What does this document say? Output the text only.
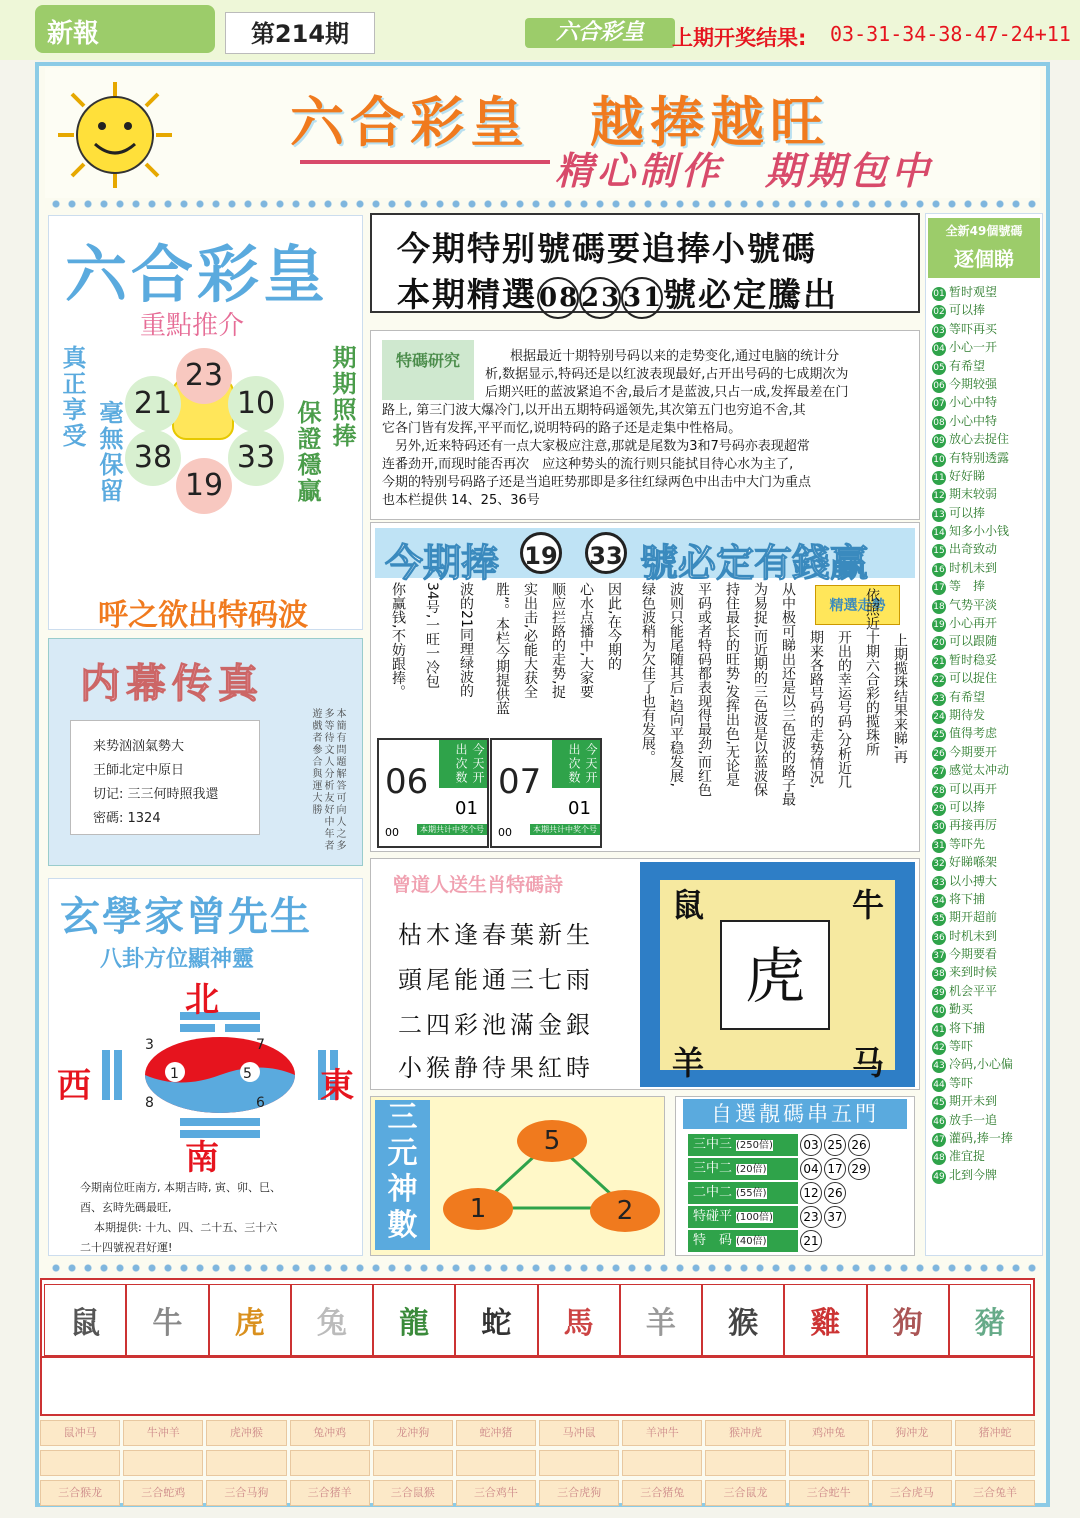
新報	第214期	六合彩皇	上期开奖结果: 03-31-34-38-47-24+11
六合彩皇　越捧越旺
精心制作　期期包中
六合彩皇
重點推介
真正享受
毫無保留
期期照捧
保證穩贏
23
21 10
38 33
19
呼之欲出特码波
内幕传真
来势汹汹氣勢大
王師北定中原日
切记: 三三何時照我還
密碼: 1324	本簡有問題解答可向人之多多等待文人分析友好中年者遊戲者參合與運大勝
玄學家曾先生
八卦方位顯神靈
北
南
西	東
3	7
1	5
8	6
今期南位旺南方, 本期吉時, 寅、卯、巳、
酉、玄時先碼最旺,
本期提供: 十九、四、二十五、三十六
二十四號祝君好運!
今期特别號碼要追捧小號碼
本期精選082331號必定騰出
特碼研究	根据最近十期特别号码以来的走势变化,通过电脑的统计分
析,数据显示,特码还是以红波表现最好,占开出号码的七成期次为
后期兴旺的蓝波紧追不舍,最后才是蓝波,只占一成,发挥最差在门
路上, 第三门波大爆冷门,以开出五期特码遥领先,其次第五门也穷追不舍,其
它各门皆有发挥,平平而忆,说明特码的路子还是走集中性格局。
另外,近来特码还有一点大家极应注意,那就是尾数为3和7号码亦表现超常
连番劲开,而现时能否再次　应这种势头的流行则只能拭目待心水为主了,
今期的特别号码路子还是当追旺势那即是多往红绿两色中出击中大门为重点
也本栏提供 14、25、36号
今期捧 19 33 號必定有錢贏
精選走勢
上期揽珠结果来睇,再
依照近十期六合彩的揽珠所
开出的幸运号码,分析近几
期来各路号码的走势情况,
从中极可睇出还是以三色波的路子最
为易捉,而近期的三色波是以蓝波保
持住最长的旺势,发挥出色,无论是
平码或者特码都表现得最劲,而红色
波则只能尾随其后,趋向平稳发展,
绿色波稍为欠佳了也有发展。
因此,在今期的
心水点播中,大家要
顺应拦路的走势,捉
实出击,必能大获全
胜”。本栏今期提供蓝
波的21同理绿波的
34号,一旺一冷包
你赢钱,不妨跟捧。
06	今天开出次数
01
00	本期共计中奖个号
07	今天开出次数
01
00	本期共计中奖个号
曾道人送生肖特碼詩
枯木逢春葉新生
頭尾能通三七雨
二四彩池滿金銀
小猴静待果紅時
鼠	牛
虎
羊	马
三
元
神
數
5
1	2
自選靚碼串五門
三中三 (250倍)	03 25 26
三中二 (20倍)	04 17 29
二中二 (55倍)	12 26
特碰平 (100倍)	23 37
特　码 (40倍)	21
全新49個號碼
逐個睇
01 暂时观望
02 可以捧
03 等吓再买
04 小心一开
05 有希望
06 今期较强
07 小心中特
08 小心中特
09 放心去捉住
10 有特别透露
11 好好睇
12 期末较弱
13 可以捧
14 知多小小钱
15 出奇致动
16 时机未到
17 等　捧
18 气势平淡
19 小心再开
20 可以跟随
21 暂时稳妥
22 可以捉住
23 有希望
24 期待发
25 值得考虑
26 今期要开
27 感觉太冲动
28 可以再开
29 可以捧
30 再接再厉
31 等吓先
32 好睇喺架
33 以小搏大
34 将下捕
35 期开超前
36 时机未到
37 今期要看
38 来到时候
39 机会平平
40 勤买
41 将下捕
42 等吓
43 冷码,小心偏
44 等吓
45 期开未到
46 放手一追
47 灌码,捧一捧
48 准宜捉
49 北到今牌
鼠 牛 虎 兔 龍 蛇 馬 羊 猴 雞 狗 豬
鼠冲马	牛冲羊	虎冲猴	兔冲鸡	龙冲狗	蛇冲猪	马冲鼠	羊冲牛	猴冲虎	鸡冲兔	狗冲龙	猪冲蛇
三合猴龙	三合蛇鸡	三合马狗	三合猪羊	三合鼠猴	三合鸡牛	三合虎狗	三合猪兔	三合鼠龙	三合蛇牛	三合虎马	三合兔羊
